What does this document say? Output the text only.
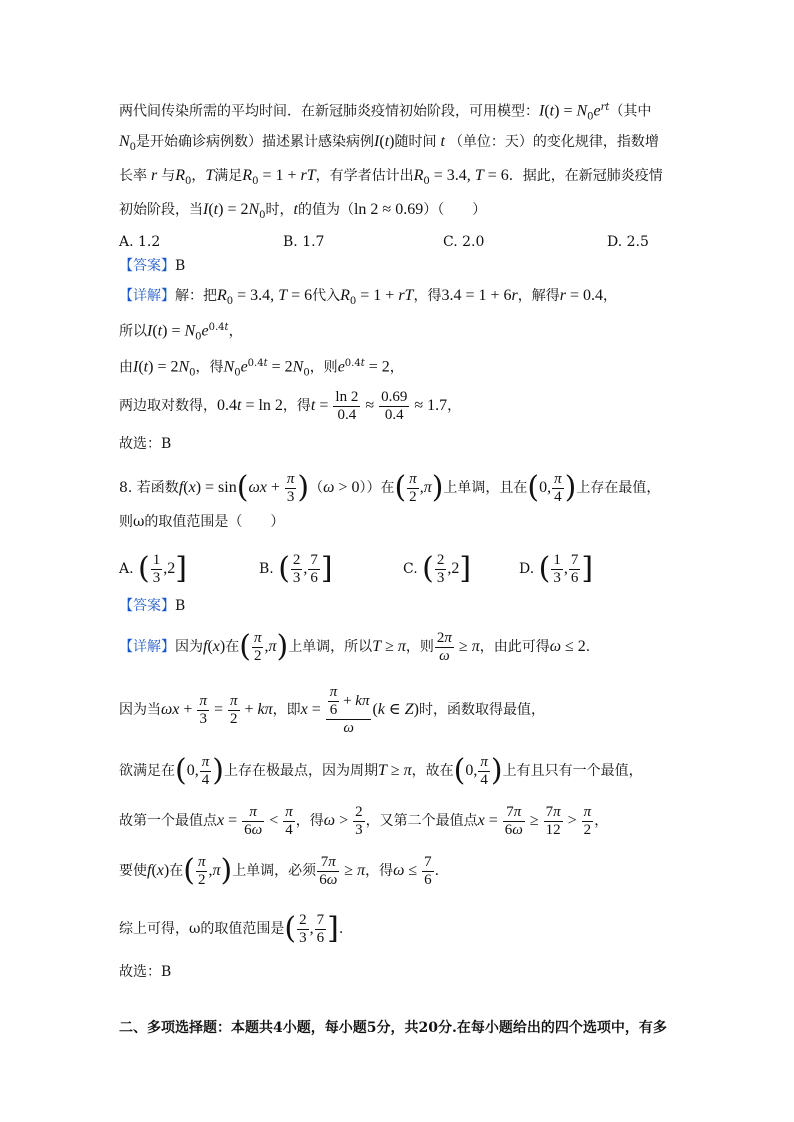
两代间传染所需的平均时间．在新冠肺炎疫情初始阶段，可用模型：$I(t) = N_0e^{rt}$（其中
$N_0$是开始确诊病例数）描述累计感染病例I(t)随时间 t （单位：天）的变化规律，指数增
长率 r 与$R_0$，T满足$R_0 = 1$ + rT，有学者估计出$R_0 = 3.4$, T = 6．据此，在新冠肺炎疫情
初始阶段，当$I(t) = 2N_0$时，t的值为（ln 2 ≈ 0.69）（　　）
A. 1.2	B. 1.7	C. 2.0	D. 2.5
【答案】B
【详解】解：把$R_0 = 3.4$, T = 6代入$R_0 = 1$ + rT，得3.4 = 1 + 6r，解得r = 0.4，
所以$I(t) = N_0e^{0.4t}$，
由$I(t) = 2N_0$，得$N_0e^{0.4t} = 2N_0$，则$e^{0.4t} = 2$，
两边取对数得，0.4t = ln 2，得$t = \frac{\ln 2}{0.4} \approx \frac{0.69}{0.4} \approx 1.7$，
故选：B
8. 若函数$f(x) = \sin(\omega x + \frac{\pi}{3} )(\omega > 0)$）在( $\frac{\pi}{2} ,\pi$)上单调，且在(0, $\frac{\pi}{4}$ )上存在最值，
则ω的取值范围是（　　）
A. ( $\frac{1}{3} ,2$]	B. ( $\frac{2}{3}$ , $\frac{7}{6}$ ]	C. ( $\frac{2}{3} ,2$]	D. ( $\frac{1}{3}$ , $\frac{7}{6}$ ]
【答案】B
【详解】因为f(x)在( $\frac{\pi}{2} ,\pi$)上单调，所以T ≥ π，则 $\frac{2\pi}{\omega} \ge \pi$，由此可得ω ≤ 2.
因为当$\omega x + \frac{\pi}{3} = \frac{\pi}{2} + k\pi$，即$x = \frac{\frac{\pi}{6} + k\pi}{\omega} (k$ ∈ Z)时，函数取得最值，
欲满足在(0, $\frac{\pi}{4}$ )上存在极最点，因为周期T ≥ π，故在(0, $\frac{\pi}{4}$ )上有且只有一个最值，
故第一个最值点$x = \frac{\pi}{6\omega} < \frac{\pi}{4}$ ，得$\omega > \frac{2}{3}$ ，又第二个最值点$x = \frac{7\pi}{6\omega} \ge \frac{7\pi}{12} > \frac{\pi}{2}$ ，
要使f(x)在( $\frac{\pi}{2} ,\pi$)上单调，必须 $\frac{7\pi}{6\omega} \ge \pi$，得$\omega \le \frac{7}{6}$ .
综上可得，ω的取值范围是( $\frac{2}{3}$ , $\frac{7}{6}$ ].
故选：B
二、多项选择题：本题共4小题，每小题5分，共20分.在每小题给出的四个选项中，有多
